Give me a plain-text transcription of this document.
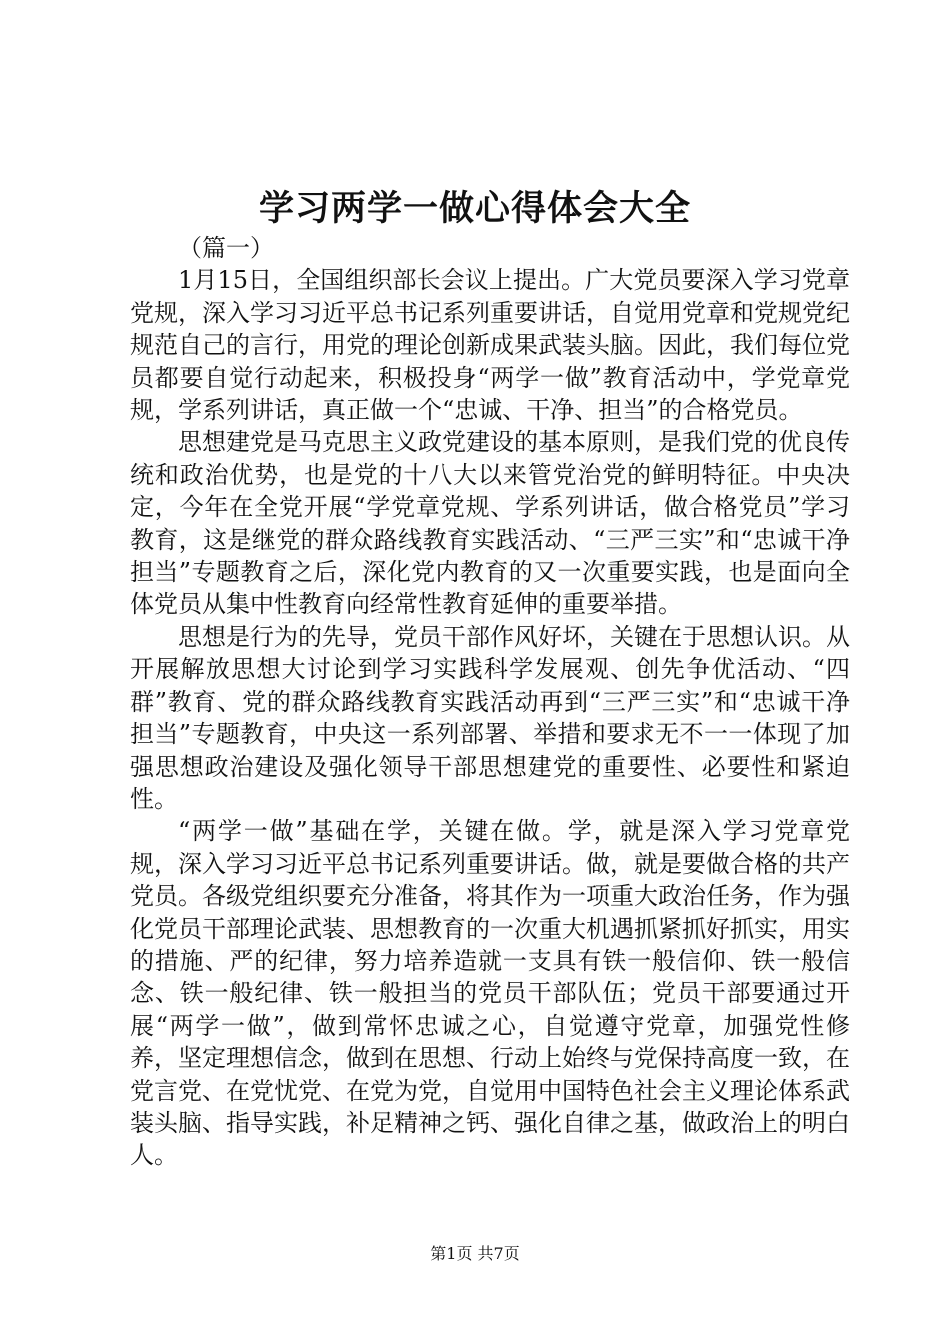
学习两学一做心得体会大全

（篇一）

1月15日，全国组织部长会议上提出。广大党员要深入学习党章党规，深入学习习近平总书记系列重要讲话，自觉用党章和党规党纪规范自己的言行，用党的理论创新成果武装头脑。因此，我们每位党员都要自觉行动起来，积极投身“两学一做”教育活动中，学党章党规，学系列讲话，真正做一个“忠诚、干净、担当”的合格党员。

思想建党是马克思主义政党建设的基本原则，是我们党的优良传统和政治优势，也是党的十八大以来管党治党的鲜明特征。中央决定，今年在全党开展“学党章党规、学系列讲话，做合格党员”学习教育，这是继党的群众路线教育实践活动、“三严三实”和“忠诚干净担当”专题教育之后，深化党内教育的又一次重要实践，也是面向全体党员从集中性教育向经常性教育延伸的重要举措。

思想是行为的先导，党员干部作风好坏，关键在于思想认识。从开展解放思想大讨论到学习实践科学发展观、创先争优活动、“四群”教育、党的群众路线教育实践活动再到“三严三实”和“忠诚干净担当”专题教育，中央这一系列部署、举措和要求无不一一体现了加强思想政治建设及强化领导干部思想建党的重要性、必要性和紧迫性。

“两学一做”基础在学，关键在做。学，就是深入学习党章党规，深入学习习近平总书记系列重要讲话。做，就是要做合格的共产党员。各级党组织要充分准备，将其作为一项重大政治任务，作为强化党员干部理论武装、思想教育的一次重大机遇抓紧抓好抓实，用实的措施、严的纪律，努力培养造就一支具有铁一般信仰、铁一般信念、铁一般纪律、铁一般担当的党员干部队伍；党员干部要通过开展“两学一做”，做到常怀忠诚之心，自觉遵守党章，加强党性修养，坚定理想信念，做到在思想、行动上始终与党保持高度一致，在党言党、在党忧党、在党为党，自觉用中国特色社会主义理论体系武装头脑、指导实践，补足精神之钙、强化自律之基，做政治上的明白人。

第1页 共7页
